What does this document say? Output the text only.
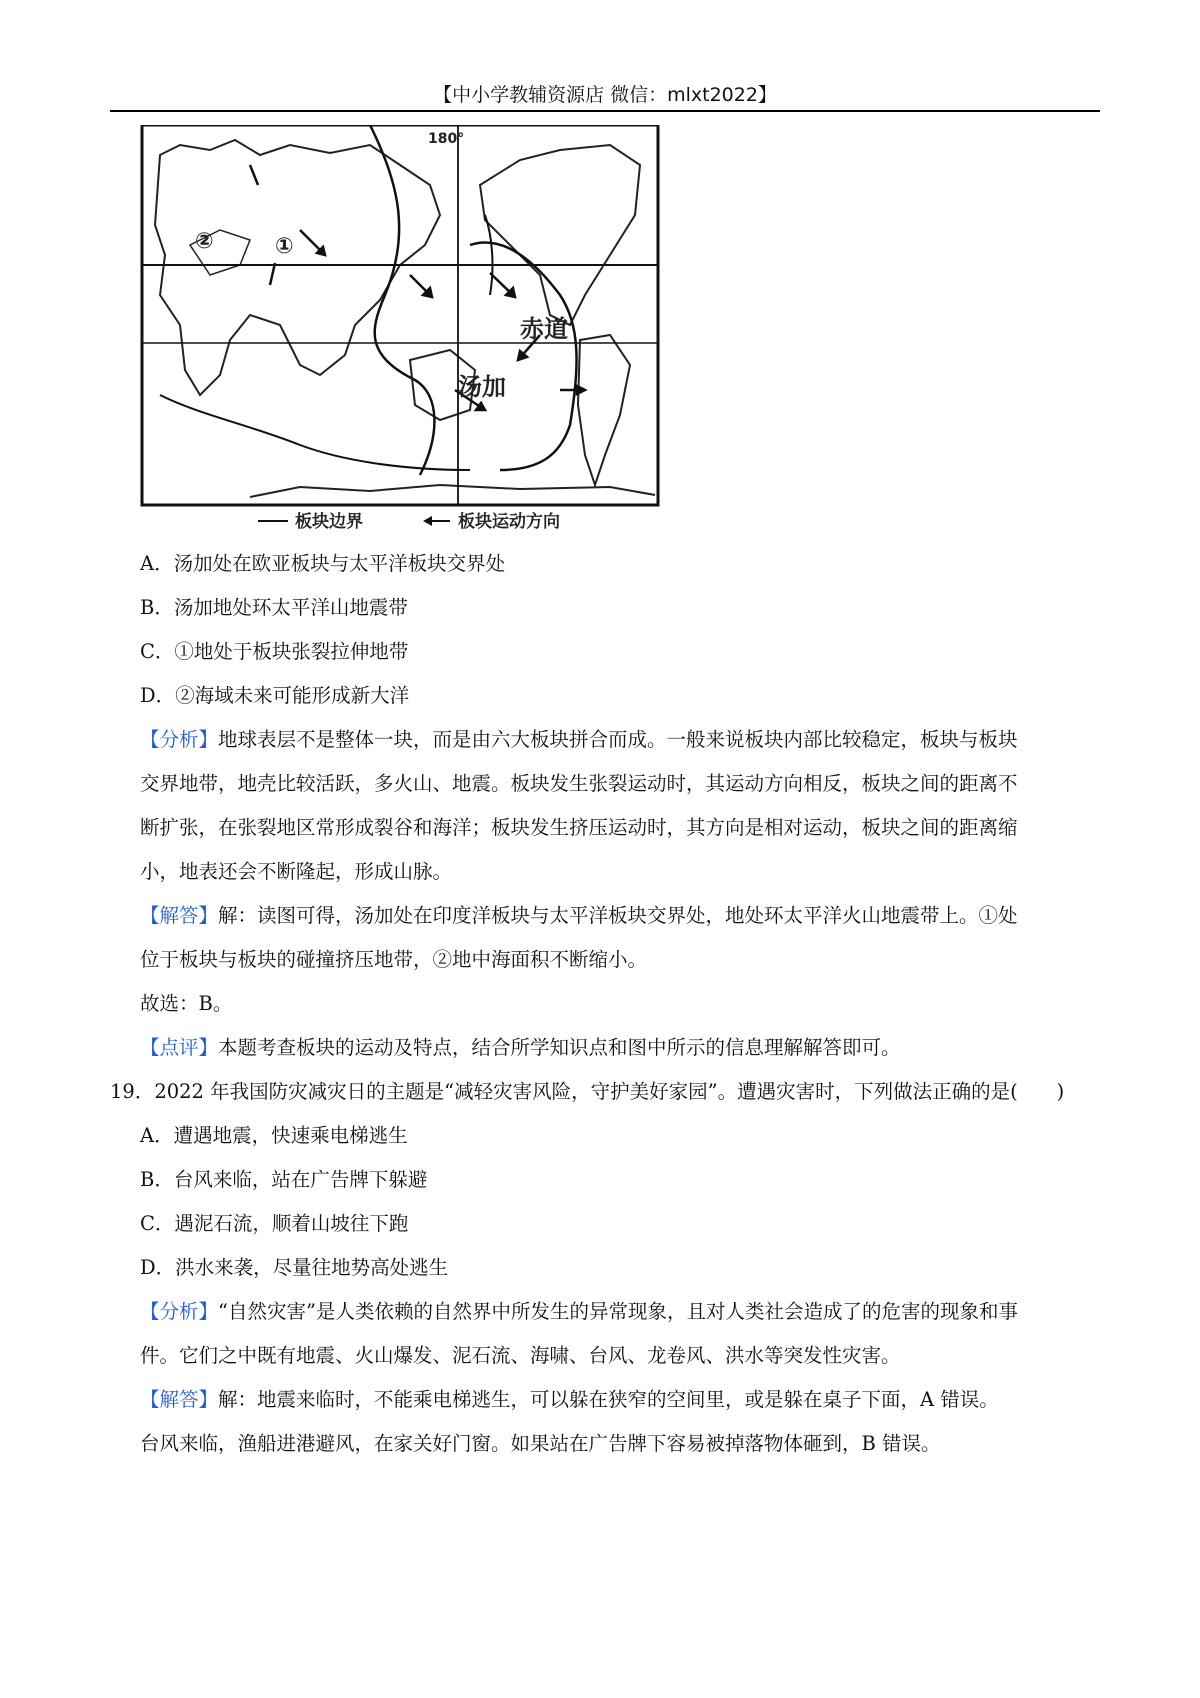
【中小学教辅资源店 微信：mlxt2022】
180°
赤道
汤加
①
②
板块边界	板块运动方向
A．汤加处在欧亚板块与太平洋板块交界处
B．汤加地处环太平洋山地震带
C．①地处于板块张裂拉伸地带
D．②海域未来可能形成新大洋
【分析】地球表层不是整体一块，而是由六大板块拼合而成。一般来说板块内部比较稳定，板块与板块
交界地带，地壳比较活跃，多火山、地震。板块发生张裂运动时，其运动方向相反，板块之间的距离不
断扩张，在张裂地区常形成裂谷和海洋；板块发生挤压运动时，其方向是相对运动，板块之间的距离缩
小，地表还会不断隆起，形成山脉。
【解答】解：读图可得，汤加处在印度洋板块与太平洋板块交界处，地处环太平洋火山地震带上。①处
位于板块与板块的碰撞挤压地带，②地中海面积不断缩小。
故选：B。
【点评】本题考查板块的运动及特点，结合所学知识点和图中所示的信息理解解答即可。
19．2022 年我国防灾减灾日的主题是“减轻灾害风险，守护美好家园”。遭遇灾害时，下列做法正确的是(　　)
A．遭遇地震，快速乘电梯逃生
B．台风来临，站在广告牌下躲避
C．遇泥石流，顺着山坡往下跑
D．洪水来袭，尽量往地势高处逃生
【分析】“自然灾害”是人类依赖的自然界中所发生的异常现象，且对人类社会造成了的危害的现象和事
件。它们之中既有地震、火山爆发、泥石流、海啸、台风、龙卷风、洪水等突发性灾害。
【解答】解：地震来临时，不能乘电梯逃生，可以躲在狭窄的空间里，或是躲在桌子下面，A 错误。
台风来临，渔船进港避风，在家关好门窗。如果站在广告牌下容易被掉落物体砸到，B 错误。
